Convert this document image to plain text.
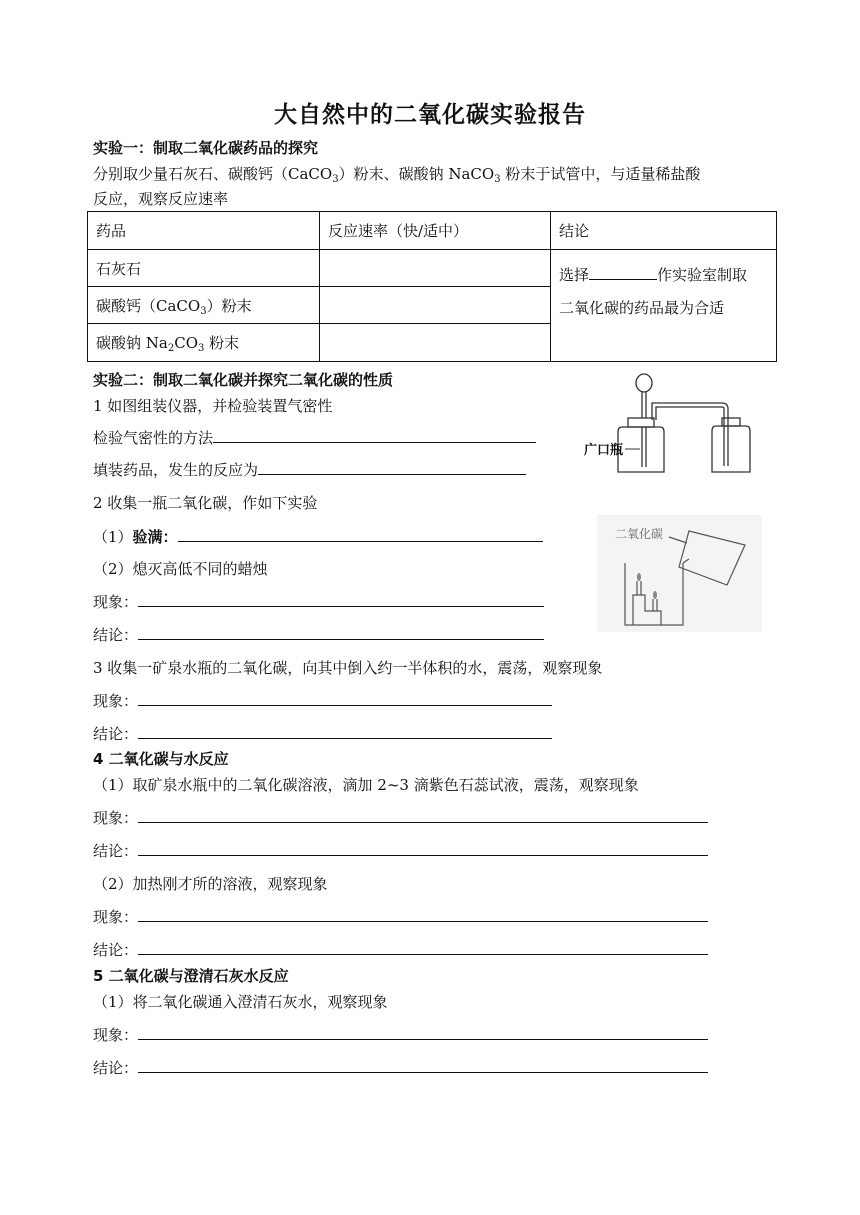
大自然中的二氧化碳实验报告
实验一：制取二氧化碳药品的探究
分别取少量石灰石、碳酸钙（CaCO$_3$）粉末、碳酸钠 NaCO$_3$ 粉末于试管中，与适量稀盐酸
反应，观察反应速率
药品	反应速率（快/适中）	结论
石灰石		选择 作实验室制取
二氧化碳的药品最为合适
碳酸钙（CaCO$_3$）粉末		
碳酸钠 $Na_2CO_3$ 粉末		
实验二：制取二氧化碳并探究二氧化碳的性质
1 如图组装仪器，并检验装置气密性
检验气密性的方法
填装药品，发生的反应为
2 收集一瓶二氧化碳，作如下实验
（1）验满：
（2）熄灭高低不同的蜡烛
现象：
结论：
3 收集一矿泉水瓶的二氧化碳，向其中倒入约一半体积的水，震荡，观察现象
现象：
结论：
4 二氧化碳与水反应
（1）取矿泉水瓶中的二氧化碳溶液，滴加 2~3 滴紫色石蕊试液，震荡，观察现象
现象：
结论：
（2）加热刚才所的溶液，观察现象
现象：
结论：
5 二氧化碳与澄清石灰水反应
（1）将二氧化碳通入澄清石灰水，观察现象
现象：
结论：
广口瓶
二氧化碳
